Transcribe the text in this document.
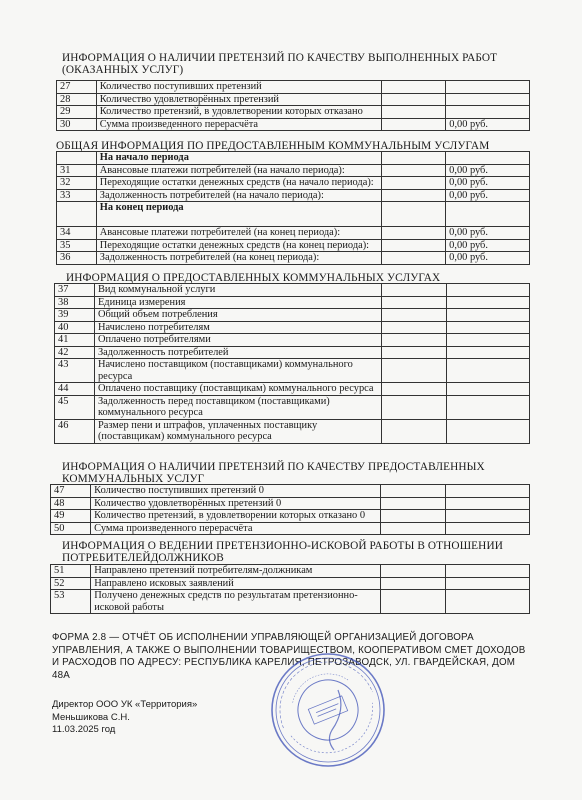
ИНФОРМАЦИЯ О НАЛИЧИИ ПРЕТЕНЗИЙ ПО КАЧЕСТВУ ВЫПОЛНЕННЫХ РАБОТ (ОКАЗАННЫХ УСЛУГ)
27	Количество поступивших претензий		
28	Количество удовлетворённых претензий		
29	Количество претензий, в удовлетворении которых отказано		
30	Сумма произведенного перерасчёта		0,00 руб.
ОБЩАЯ ИНФОРМАЦИЯ ПО ПРЕДОСТАВЛЕННЫМ КОММУНАЛЬНЫМ УСЛУГАМ
	На начало периода		
31	Авансовые платежи потребителей (на начало периода):		0,00 руб.
32	Переходящие остатки денежных средств (на начало периода):		0,00 руб.
33	Задолженность потребителей (на начало периода):		0,00 руб.
	На конец периода		
34	Авансовые платежи потребителей (на конец периода):		0,00 руб.
35	Переходящие остатки денежных средств (на конец периода):		0,00 руб.
36	Задолженность потребителей (на конец периода):		0,00 руб.
ИНФОРМАЦИЯ О ПРЕДОСТАВЛЕННЫХ КОММУНАЛЬНЫХ УСЛУГАХ
37	Вид коммунальной услуги		
38	Единица измерения		
39	Общий объем потребления		
40	Начислено потребителям		
41	Оплачено потребителями		
42	Задолженность потребителей		
43	Начислено поставщиком (поставщиками) коммунального ресурса		
44	Оплачено поставщику (поставщикам) коммунального ресурса		
45	Задолженность перед поставщиком (поставщиками) коммунального ресурса		
46	Размер пени и штрафов, уплаченных поставщику (поставщикам) коммунального ресурса		
ИНФОРМАЦИЯ О НАЛИЧИИ ПРЕТЕНЗИЙ ПО КАЧЕСТВУ ПРЕДОСТАВЛЕННЫХ КОММУНАЛЬНЫХ УСЛУГ
47	Количество поступивших претензий 0		
48	Количество удовлетворённых претензий 0		
49	Количество претензий, в удовлетворении которых отказано 0		
50	Сумма произведенного перерасчёта		
ИНФОРМАЦИЯ О ВЕДЕНИИ ПРЕТЕНЗИОННО-ИСКОВОЙ РАБОТЫ В ОТНОШЕНИИ ПОТРЕБИТЕЛЕЙДОЛЖНИКОВ
51	Направлено претензий потребителям-должникам		
52	Направлено исковых заявлений		
53	Получено денежных средств по результатам претензионно-исковой работы		
ФОРМА 2.8 — ОТЧЁТ ОБ ИСПОЛНЕНИИ УПРАВЛЯЮЩЕЙ ОРГАНИЗАЦИЕЙ ДОГОВОРА УПРАВЛЕНИЯ, А ТАКЖЕ О ВЫПОЛНЕНИИ ТОВАРИЩЕСТВОМ, КООПЕРАТИВОМ СМЕТ ДОХОДОВ И РАСХОДОВ ПО АДРЕСУ: РЕСПУБЛИКА КАРЕЛИЯ, ПЕТРОЗАВОДСК, УЛ. ГВАРДЕЙСКАЯ, ДОМ 48А
Директор ООО УК «Территория»
Меньшикова С.Н.
11.03.2025 год
